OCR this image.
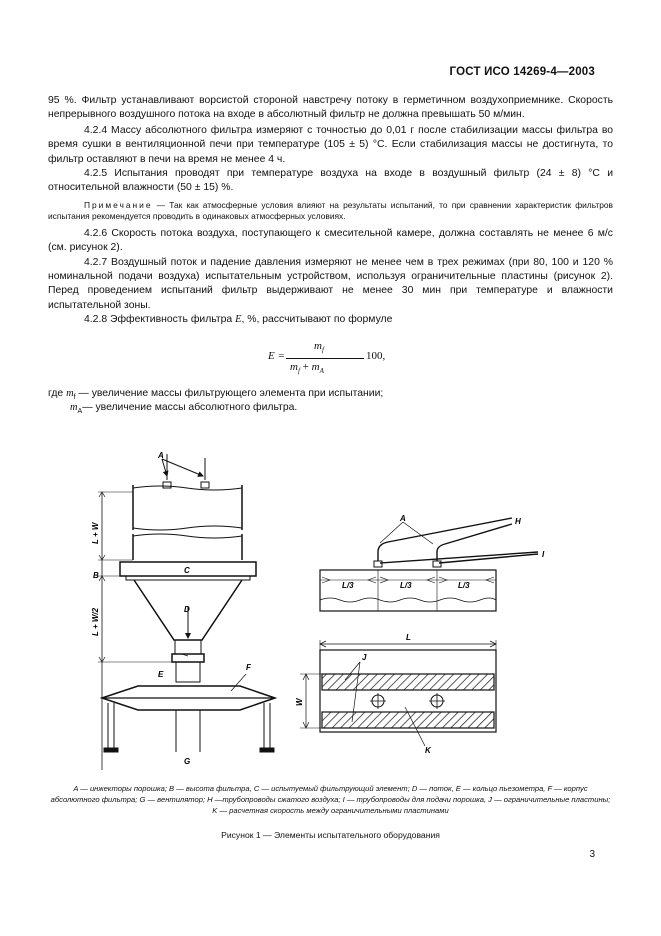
ГОСТ ИСО 14269-4—2003

95 %. Фильтр устанавливают ворсистой стороной навстречу потоку в герметичном воздухоприемнике. Скорость непрерывного воздушного потока на входе в абсолютный фильтр не должна превышать 50 м/мин.

4.2.4 Массу абсолютного фильтра измеряют с точностью до 0,01 г после стабилизации массы фильтра во время сушки в вентиляционной печи при температуре (105 ± 5) °С. Если стабилизация массы не достигнута, то фильтр оставляют в печи на время не менее 4 ч.

4.2.5 Испытания проводят при температуре воздуха на входе в воздушный фильтр (24 ± 8) °С и относительной влажности (50 ± 15) %.

Примечание — Так как атмосферные условия влияют на результаты испытаний, то при сравнении характеристик фильтров испытания рекомендуется проводить в одинаковых атмосферных условиях.

4.2.6 Скорость потока воздуха, поступающего к смесительной камере, должна составлять не менее 6 м/с (см. рисунок 2).

4.2.7 Воздушный поток и падение давления измеряют не менее чем в трех режимах (при 80, 100 и 120 % номинальной подачи воздуха) испытательным устройством, используя ограничительные пластины (рисунок 2). Перед проведением испытаний фильтр выдерживают не менее 30 мин при температуре и влажности испытательной зоны.

4.2.8 Эффективность фильтра E, %, рассчитывают по формуле

E =
$m_f$
$m_f + m_A$
100,
где $m_f$ — увеличение массы фильтрующего элемента при испытании;
$m_A—$ увеличение массы абсолютного фильтра.
A
B
C
D
E
F
G
L + W
L + W/2
A	H
I
L/3	L/3	L/3
L
W
J
K
A — инжекторы порошка; B — высота фильтра, C — испытуемый фильтрующий элемент; D — поток, E — кольцо пьезометра, F — корпус абсолютного фильтра; G — вентилятор; H —трубопроводы сжатого воздуха; I — трубопроводы для подачи порошка, J — ограничительные пластины; K — расчетная скорость между ограничительными пластинами
Рисунок 1 — Элементы испытательного оборудования
3
